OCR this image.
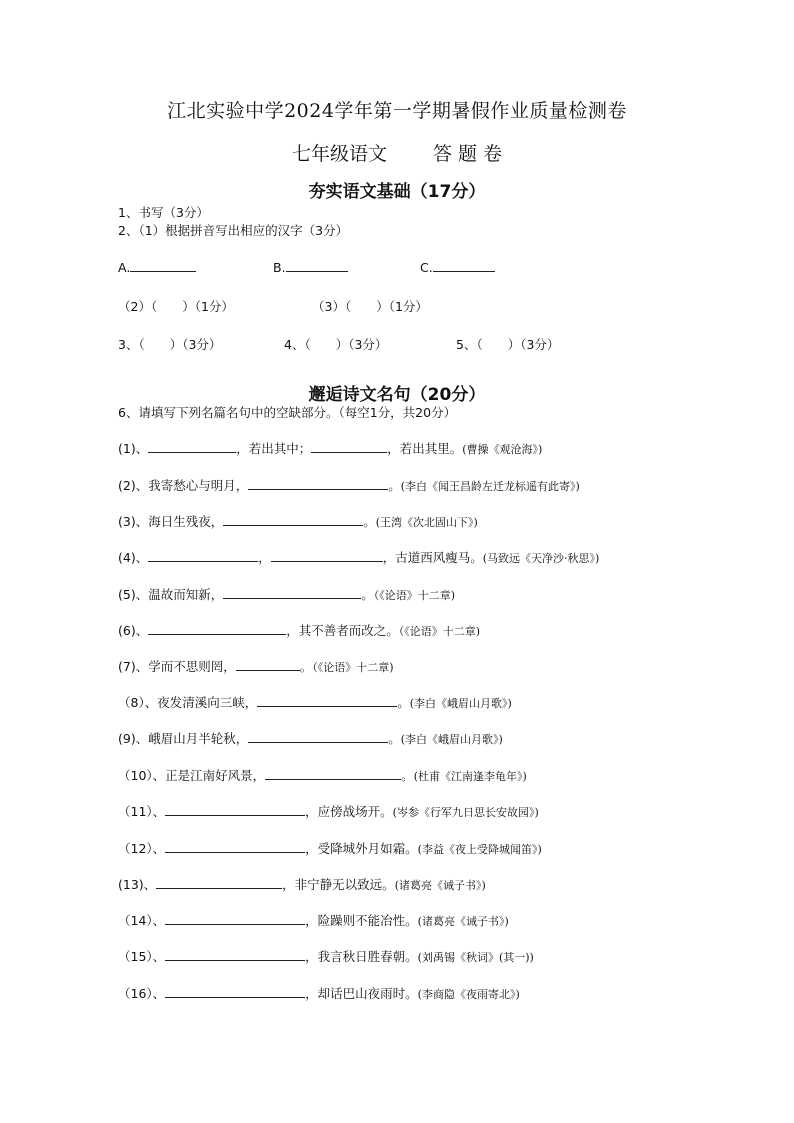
江北实验中学2024学年第一学期暑假作业质量检测卷
七年级语文 答 题 卷
夯实语文基础（17分）
1、书写（3分）
2、（1）根据拼音写出相应的汉字（3分）
A.	B.	C.
（2）（　　）（1分）	（3）（　　）（1分）
3、（　　）（3分）	4、（　　）（3分）	5、（　　）（3分）
邂逅诗文名句（20分）
6、请填写下列名篇名句中的空缺部分。（每空1分，共20分）
(1)、	，若出其中；	，若出其里。(曹操《观沧海》)
(2)、我寄愁心与明月，	。(李白《闻王昌龄左迁龙标遥有此寄》)
(3)、海日生残夜，	。(王湾《次北固山下》)
(4)、	，	，古道西风瘦马。(马致远《天净沙·秋思》)
(5)、温故而知新，	。（《论语》十二章)
(6)、	，其不善者而改之。（《论语》十二章)
(7)、学而不思则罔，	。（《论语》十二章)
（8）、夜发清溪向三峡，	。(李白《峨眉山月歌》)
(9)、峨眉山月半轮秋，	。(李白《峨眉山月歌》)
（10）、正是江南好风景，	。(杜甫《江南逢李龟年》)
（11）、	，应傍战场开。(岑参《行军九日思长安故园》)
（12）、	，受降城外月如霜。(李益《夜上受降城闻笛》)
(13)、	，非宁静无以致远。(诸葛亮《诫子书》)
（14）、	，险躁则不能冶性。(诸葛亮《诫子书》)
（15）、	，我言秋日胜春朝。(刘禹锡《秋词》(其一))
（16）、	，却话巴山夜雨时。(李商隐《夜雨寄北》)
